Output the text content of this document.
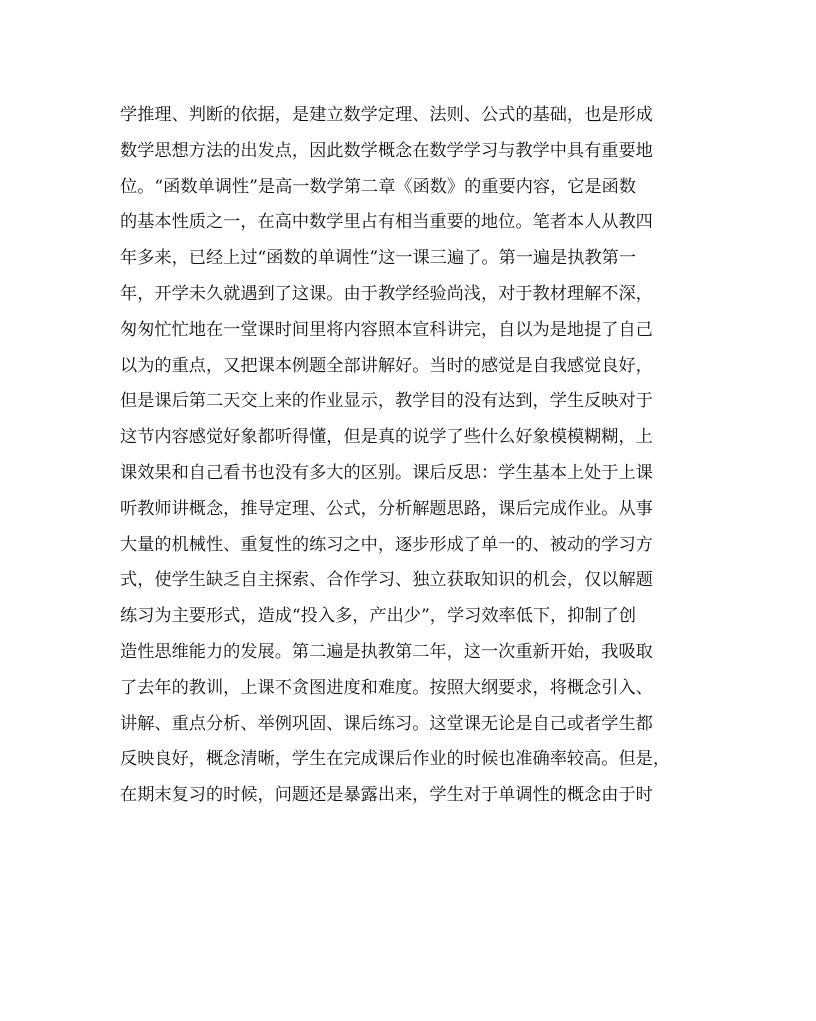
学推理、判断的依据，是建立数学定理、法则、公式的基础，也是形成
数学思想方法的出发点，因此数学概念在数学学习与教学中具有重要地
位。“函数单调性”是高一数学第二章《函数》的重要内容，它是函数
的基本性质之一，在高中数学里占有相当重要的地位。笔者本人从教四
年多来，已经上过“函数的单调性”这一课三遍了。第一遍是执教第一
年，开学未久就遇到了这课。由于教学经验尚浅，对于教材理解不深，
匆匆忙忙地在一堂课时间里将内容照本宣科讲完，自以为是地提了自己
以为的重点，又把课本例题全部讲解好。当时的感觉是自我感觉良好，
但是课后第二天交上来的作业显示，教学目的没有达到，学生反映对于
这节内容感觉好象都听得懂，但是真的说学了些什么好象模模糊糊，上
课效果和自己看书也没有多大的区别。课后反思：学生基本上处于上课
听教师讲概念，推导定理、公式，分析解题思路，课后完成作业。从事
大量的机械性、重复性的练习之中，逐步形成了单一的、被动的学习方
式，使学生缺乏自主探索、合作学习、独立获取知识的机会，仅以解题
练习为主要形式，造成“投入多，产出少”，学习效率低下，抑制了创
造性思维能力的发展。第二遍是执教第二年，这一次重新开始，我吸取
了去年的教训，上课不贪图进度和难度。按照大纲要求，将概念引入、
讲解、重点分析、举例巩固、课后练习。这堂课无论是自己或者学生都
反映良好，概念清晰，学生在完成课后作业的时候也准确率较高。但是，
在期末复习的时候，问题还是暴露出来，学生对于单调性的概念由于时
